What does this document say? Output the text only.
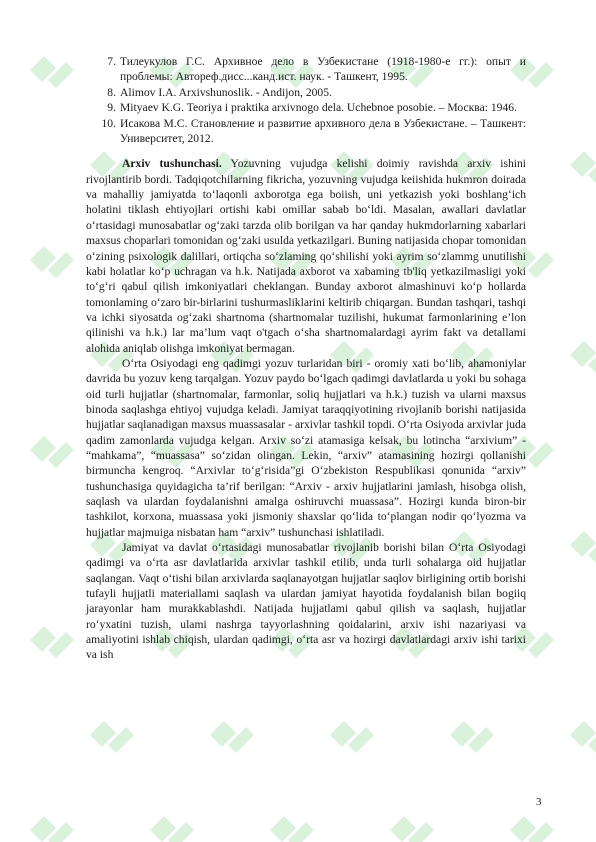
7. Тилеукулов Г.С. Архивное дело в Узбекистане (1918-1980-е гг.): опыт и проблемы: Автореф.дисс...канд.ист. наук. - Ташкент, 1995.
8. Alimov I.A. Arxivshunoslik. - Andijon, 2005.
9. Mityaev K.G. Teoriya i praktika arxivnogo dela. Uchebnoe posobie. – Москва: 1946.
10. Исакова М.С. Становление и развитие архивного дела в Узбекистане. – Ташкент: Университет, 2012.

Arxiv tushunchasi. Yozuvning vujudga kelishi doimiy ravishda arxiv ishini rivojlantirib bordi. Tadqiqotchilarning fikricha, yozuvning vujudga keiishida hukmron doirada va mahalliy jamiyatda to‘laqonli axborotga ega boiish, uni yetkazish yoki boshlang‘ich holatini tiklash ehtiyojlari ortishi kabi omillar sabab bo‘ldi. Masalan, awallari davlatlar o‘rtasidagi munosabatlar og‘zaki tarzda olib borilgan va har qanday hukmdorlarning xabarlari maxsus choparlari tomonidan og‘zaki usulda yetkazilgari. Buning natijasida chopar tomonidan o‘zining psixologik dalillari, ortiqcha so‘zlaming qo‘shilishi yoki ayrim so‘zlammg unutilishi kabi holatlar ko‘p uchragan va h.k. Natijada axborot va xabaming tb'liq yetkazilmasligi yoki to‘g‘ri qabul qilish imkoniyatlari cheklangan. Bunday axborot almashinuvi ko‘p hollarda tomonlaming o‘zaro bir-birlarini tushurmasliklarini keltirib chiqargan. Bundan tashqari, tashqi va ichki siyosatda og‘zaki shartnoma (shartnomalar tuzilishi, hukumat farmonlarining e’lon qilinishi va h.k.) lar ma’lum vaqt o'tgach o‘sha shartnomalardagi ayrim fakt va detallami alohida aniqlab olishga imkoniyat bermagan.

O‘rta Osiyodagi eng qadimgi yozuv turlaridan biri - oromiy xati bo‘lib, ahamoniylar davrida bu yozuv keng tarqalgan. Yozuv paydo bo‘lgach qadimgi davlatlarda u yoki bu sohaga oid turli hujjatlar (shartnomalar, farmonlar, soliq hujjatlari va h.k.) tuzish va ularni maxsus binoda saqlashga ehtiyoj vujudga keladi. Jamiyat taraqqiyotining rivojlanib borishi natijasida hujjatlar saqlanadigan maxsus muassasalar - arxivlar tashkil topdi. O‘rta Osiyoda arxivlar juda qadim zamonlarda vujudga kelgan. Arxiv so‘zi atamasiga kelsak, bu lotincha “arxivium” - “mahkama”, “muassasa” so‘zidan olingan. Lekin, “arxiv” atamasining hozirgi qollanishi birmuncha kengroq. “Arxivlar to‘g‘risida”gi O‘zbekiston Respublikasi qonunida “arxiv” tushunchasiga quyidagicha ta’rif berilgan: “Arxiv - arxiv hujjatlarini jamlash, hisobga olish, saqlash va ulardan foydalanishni amalga oshiruvchi muassasa”. Hozirgi kunda biron-bir tashkilot, korxona, muassasa yoki jismoniy shaxslar qo‘lida to‘plangan nodir qo‘lyozma va hujjatlar majmuiga nisbatan ham “arxiv” tushunchasi ishlatiladi.

Jamiyat va davlat o‘rtasidagi munosabatlar rivojlanib borishi bilan O‘rta Osiyodagi qadimgi va o‘rta asr davlatlarida arxivlar tashkil etilib, unda turli sohalarga oid hujjatlar saqlangan. Vaqt o‘tishi bilan arxivlarda saqlanayotgan hujjatlar saqlov birligining ortib borishi tufayli hujjatli materiallami saqlash va ulardan jamiyat hayotida foydalanish bilan bogiiq jarayonlar ham murakkablashdi. Natijada hujjatlami qabul qilish va saqlash, hujjatlar ro‘yxatini tuzish, ulami nashrga tayyorlashning qoidalarini, arxiv ishi nazariyasi va amaliyotini ishlab chiqish, ulardan qadimgi, o‘rta asr va hozirgi davlatlardagi arxiv ishi tarixi va ish

3
